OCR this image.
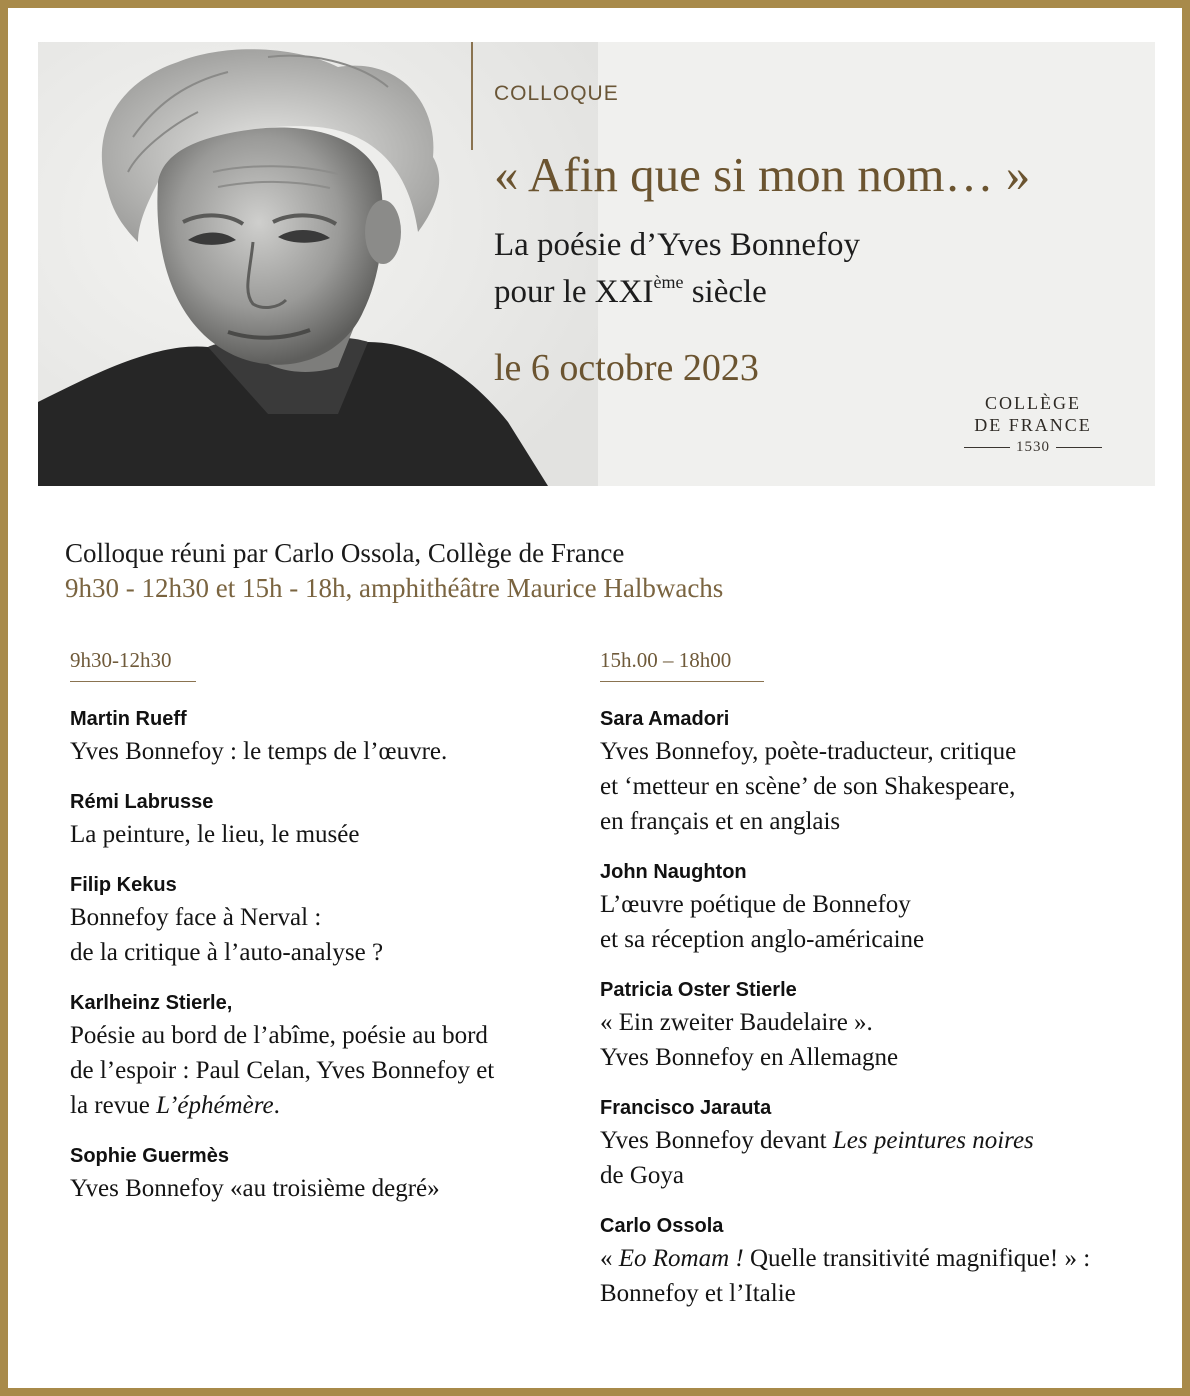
COLLOQUE
« Afin que si mon nom… »
La poésie d’Yves Bonnefoy
pour le XXIème siècle
le 6 octobre 2023
COLLÈGE
DE FRANCE
1530
Colloque réuni par Carlo Ossola, Collège de France
9h30 - 12h30 et 15h - 18h, amphithéâtre Maurice Halbwachs
9h30-12h30
Martin Rueff
Yves Bonnefoy : le temps de l’œuvre.
Rémi Labrusse
La peinture, le lieu, le musée
Filip Kekus
Bonnefoy face à Nerval :
de la critique à l’auto-analyse ?
Karlheinz Stierle,
Poésie au bord de l’abîme, poésie au bord
de l’espoir : Paul Celan, Yves Bonnefoy et
la revue L’éphémère.
Sophie Guermès
Yves Bonnefoy «au troisième degré»
15h.00 – 18h00
Sara Amadori
Yves Bonnefoy, poète-traducteur, critique
et ‘metteur en scène’ de son Shakespeare,
en français et en anglais
John Naughton
L’œuvre poétique de Bonnefoy
et sa réception anglo-américaine
Patricia Oster Stierle
« Ein zweiter Baudelaire ».
Yves Bonnefoy en Allemagne
Francisco Jarauta
Yves Bonnefoy devant Les peintures noires
de Goya
Carlo Ossola
« Eo Romam ! Quelle transitivité magnifique! » :
Bonnefoy et l’Italie
